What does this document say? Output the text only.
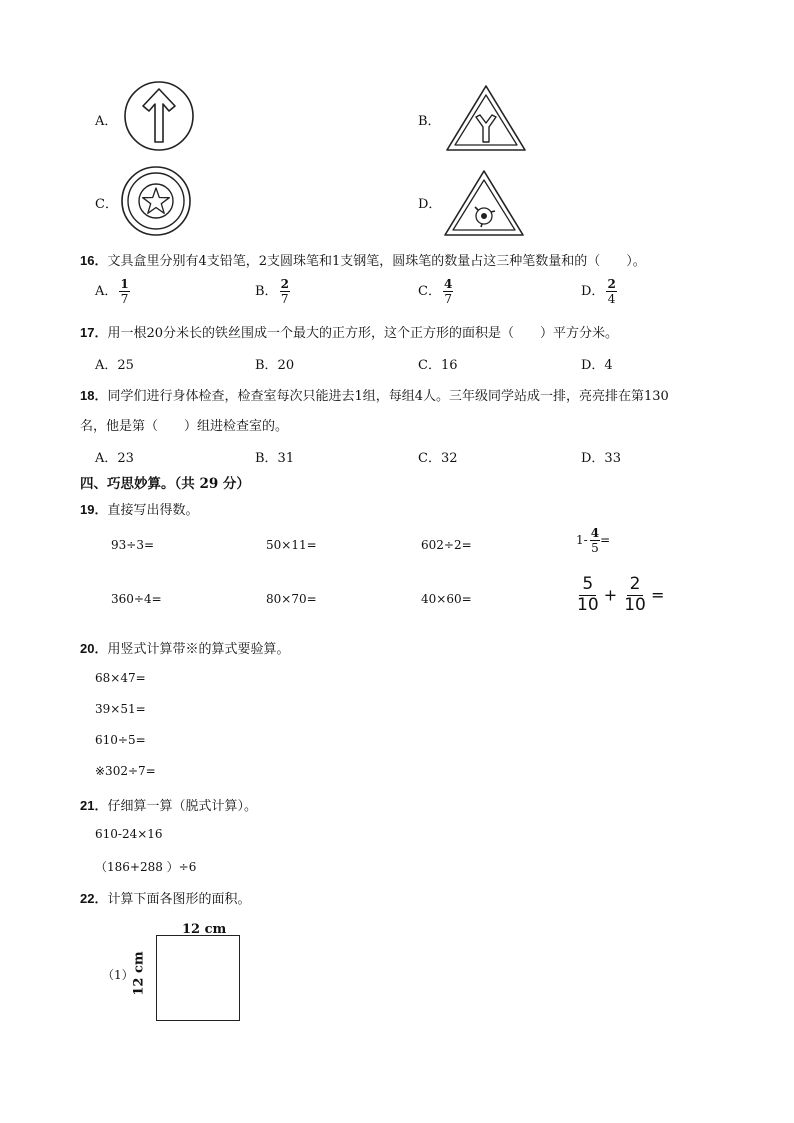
A．	B．
C．	D．
16．文具盒里分别有4支铅笔，2支圆珠笔和1支钢笔，圆珠笔的数量占这三种笔数量和的（　　）。
A． $\frac{1}{7}$	B． $\frac{2}{7}$	C． $\frac{4}{7}$	D． $\frac{2}{4}$
17．用一根20分米长的铁丝围成一个最大的正方形，这个正方形的面积是（　　）平方分米。
A．25	B．20	C．16	D．4
18．同学们进行身体检查，检查室每次只能进去1组，每组4人。三年级同学站成一排，亮亮排在第130
名，他是第（　　）组进检查室的。
A．23	B．31	C．32	D．33
四、巧思妙算。（共 29 分）
19．直接写出得数。
93÷3=	50×11=	602÷2=	$1- \frac{4}{5}$ =
360÷4=	80×70=	40×60=	$\frac{5}{10} + \frac{2}{10}$ =
20．用竖式计算带※的算式要验算。
68×47=
39×51=
610÷5=
※302÷7=
21．仔细算一算（脱式计算）。
610-24×16
（186+288 ）÷6
22．计算下面各图形的面积。
（1）
12 cm
12 cm
